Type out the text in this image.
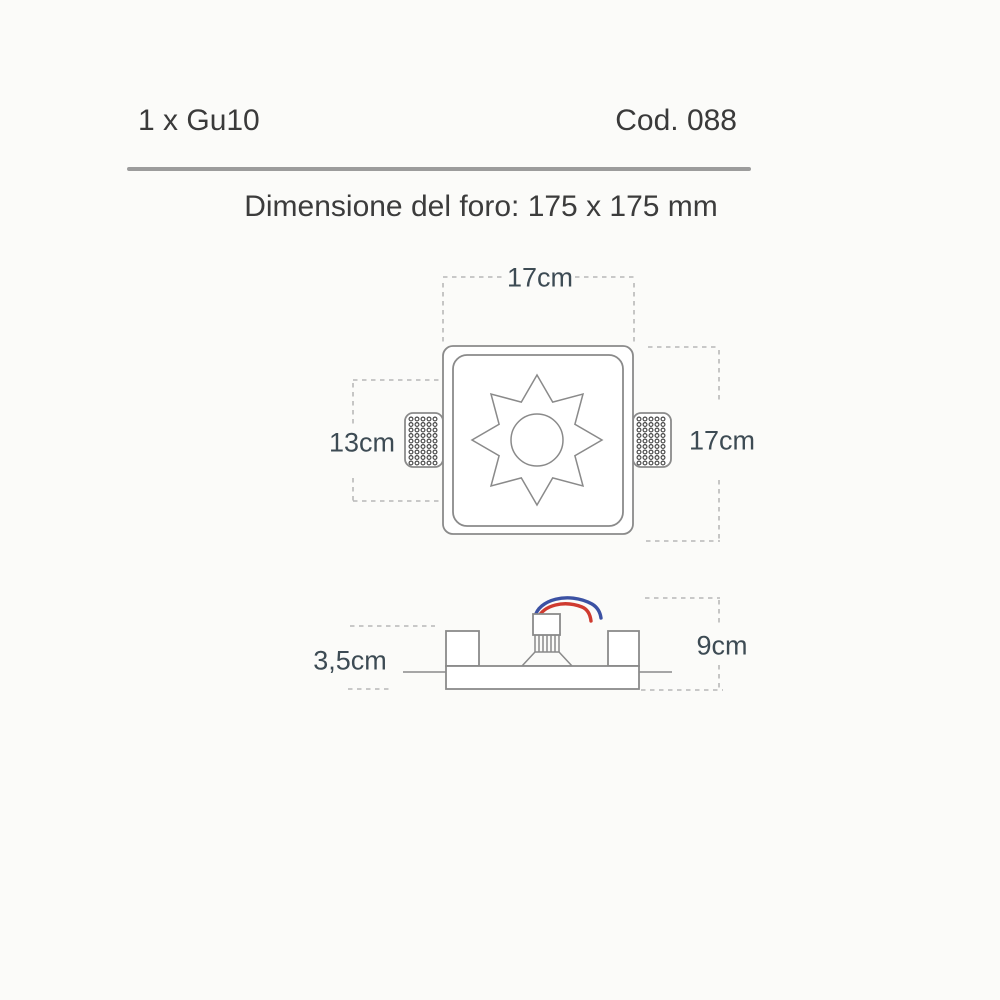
1 x Gu10	Cod. 088
Dimensione del foro: 175 x 175 mm
17cm
13cm	17cm
3,5cm	9cm
